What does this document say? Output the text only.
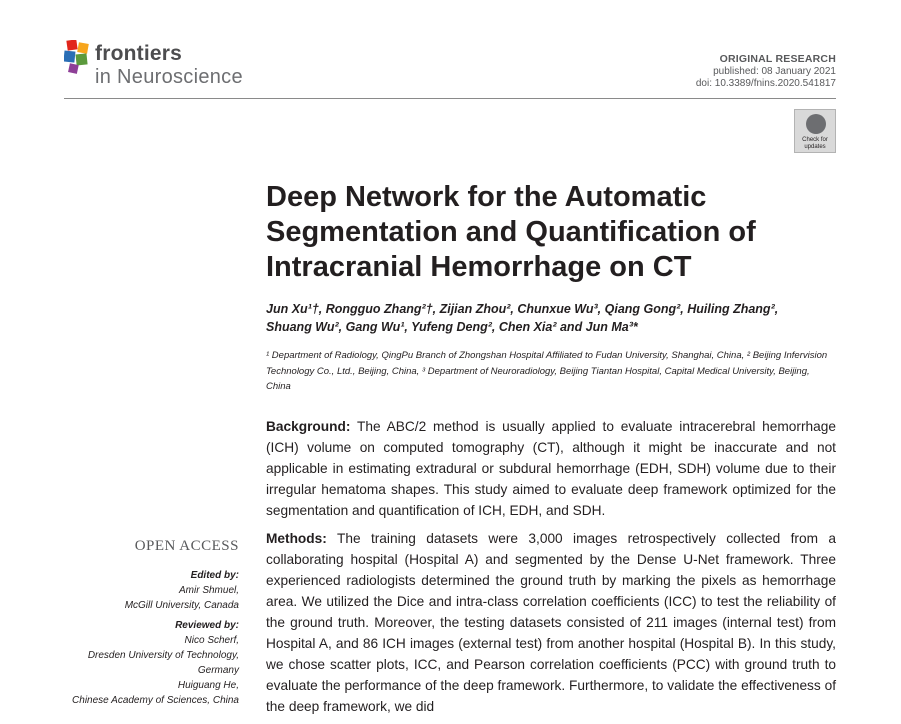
frontiers
in Neuroscience
ORIGINAL RESEARCH
published: 08 January 2021
doi: 10.3389/fnins.2020.541817
Check for
updates
Deep Network for the Automatic Segmentation and Quantification of Intracranial Hemorrhage on CT
Jun Xu¹†, Rongguo Zhang²†, Zijian Zhou², Chunxue Wu³, Qiang Gong², Huiling Zhang²,
Shuang Wu², Gang Wu¹, Yufeng Deng², Chen Xia² and Jun Ma³*
¹ Department of Radiology, QingPu Branch of Zhongshan Hospital Affiliated to Fudan University, Shanghai, China, ² Beijing Infervision Technology Co., Ltd., Beijing, China, ³ Department of Neuroradiology, Beijing Tiantan Hospital, Capital Medical University, Beijing, China

Background: The ABC/2 method is usually applied to evaluate intracerebral hemorrhage (ICH) volume on computed tomography (CT), although it might be inaccurate and not applicable in estimating extradural or subdural hemorrhage (EDH, SDH) volume due to their irregular hematoma shapes. This study aimed to evaluate deep framework optimized for the segmentation and quantification of ICH, EDH, and SDH.

Methods: The training datasets were 3,000 images retrospectively collected from a collaborating hospital (Hospital A) and segmented by the Dense U-Net framework. Three experienced radiologists determined the ground truth by marking the pixels as hemorrhage area. We utilized the Dice and intra-class correlation coefficients (ICC) to test the reliability of the ground truth. Moreover, the testing datasets consisted of 211 images (internal test) from Hospital A, and 86 ICH images (external test) from another hospital (Hospital B). In this study, we chose scatter plots, ICC, and Pearson correlation coefficients (PCC) with ground truth to evaluate the performance of the deep framework. Furthermore, to validate the effectiveness of the deep framework, we did

OPEN ACCESS
Edited by:
Amir Shmuel,
McGill University, Canada
Reviewed by:
Nico Scherf,
Dresden University of Technology,
Germany
Huiguang He,
Chinese Academy of Sciences, China
